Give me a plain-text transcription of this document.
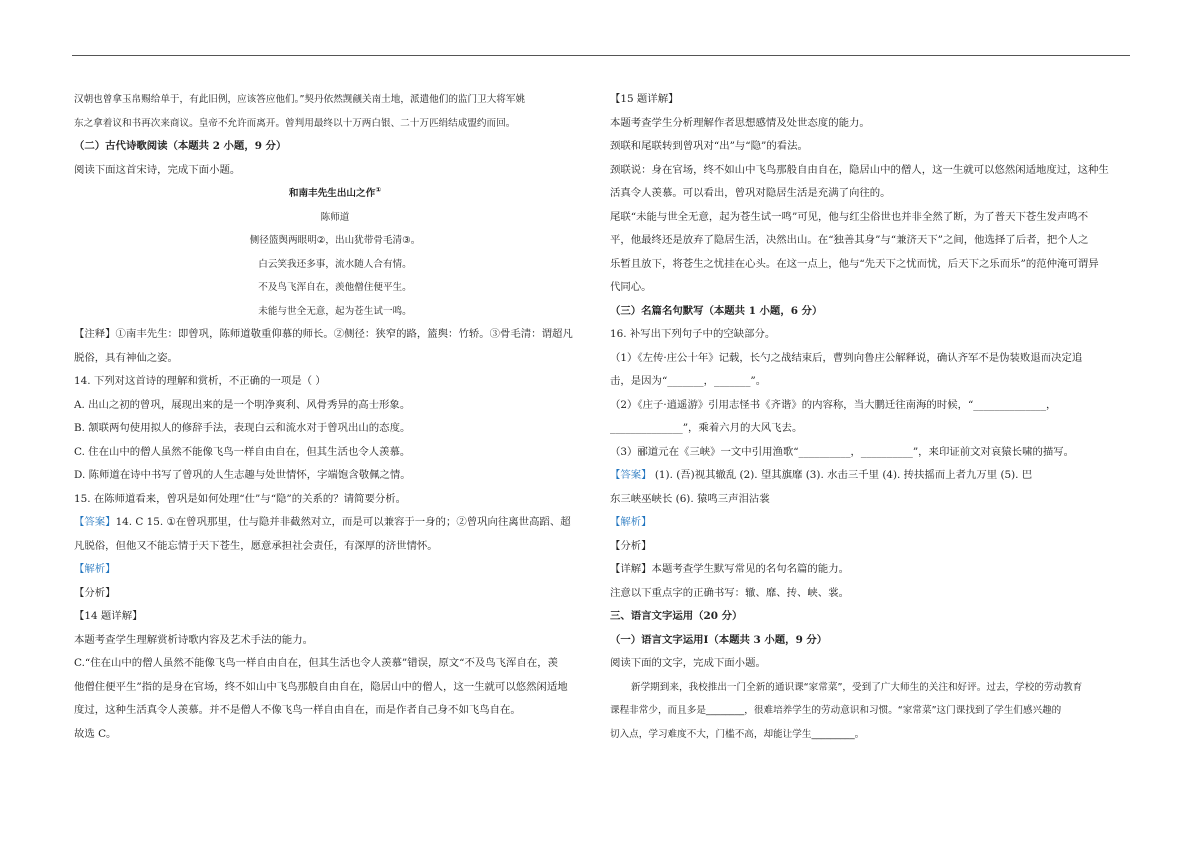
汉朝也曾拿玉帛赐给单于，有此旧例，应该答应他们。”契丹依然觊觎关南土地，派遣他们的监门卫大将军姚

东之拿着议和书再次来商议。皇帝不允许而离开。曾判用最终以十万两白银、二十万匹绢结成盟约而回。

（二）古代诗歌阅读（本题共 2 小题，9 分）

阅读下面这首宋诗，完成下面小题。

和南丰先生出山之作①

陈师道

侧径篮舆两眼明②，出山犹带骨毛清③。

白云笑我还多事，流水随人合有情。

不及鸟飞浑自在，羡他僧住便平生。

未能与世全无意，起为苍生试一鸣。

【注释】①南丰先生：即曾巩，陈师道敬重仰慕的师长。②侧径：狭窄的路，篮舆：竹轿。③骨毛清：谓超凡

脱俗，具有神仙之姿。

14. 下列对这首诗的理解和赏析，不正确的一项是（ ）

A. 出山之初的曾巩，展现出来的是一个明净爽利、风骨秀异的高士形象。

B. 颔联两句使用拟人的修辞手法，表现白云和流水对于曾巩出山的态度。

C. 住在山中的僧人虽然不能像飞鸟一样自由自在，但其生活也令人羡慕。

D. 陈师道在诗中书写了曾巩的人生志趣与处世情怀，字端饱含敬佩之情。

15. 在陈师道看来，曾巩是如何处理“仕”与“隐”的关系的？请简要分析。

【答案】14. C 15. ①在曾巩那里，仕与隐并非截然对立，而是可以兼容于一身的；②曾巩向往离世高蹈、超

凡脱俗，但他又不能忘情于天下苍生，愿意承担社会责任，有深厚的济世情怀。

【解析】

【分析】

【14 题详解】

本题考查学生理解赏析诗歌内容及艺术手法的能力。

C.“住在山中的僧人虽然不能像飞鸟一样自由自在，但其生活也令人羡慕”错误，原文“不及鸟飞浑自在，羡

他僧住便平生”指的是身在官场，终不如山中飞鸟那般自由自在，隐居山中的僧人，这一生就可以悠然闲适地

度过，这种生活真令人羡慕。并不是僧人不像飞鸟一样自由自在，而是作者自己身不如飞鸟自在。

故选 C。

【15 题详解】

本题考查学生分析理解作者思想感情及处世态度的能力。

颈联和尾联转到曾巩对“出”与“隐”的看法。

颈联说：身在官场，终不如山中飞鸟那般自由自在，隐居山中的僧人，这一生就可以悠然闲适地度过，这种生

活真令人羡慕。可以看出，曾巩对隐居生活是充满了向往的。

尾联“未能与世全无意，起为苍生试一鸣”可见，他与红尘俗世也并非全然了断，为了普天下苍生发声鸣不

平，他最终还是放弃了隐居生活，决然出山。在“独善其身”与“兼济天下”之间，他选择了后者，把个人之

乐暂且放下，将苍生之忧挂在心头。在这一点上，他与“先天下之忧而忧，后天下之乐而乐”的范仲淹可谓异

代同心。

（三）名篇名句默写（本题共 1 小题，6 分）

16. 补写出下列句子中的空缺部分。

（1）《左传·庄公十年》记载，长勺之战结束后，曹刿向鲁庄公解释说，确认齐军不是伪装败退而决定追

击，是因为“_______，_______”。

（2）《庄子·逍遥游》引用志怪书《齐谐》的内容称，当大鹏迁往南海的时候，“______________，

______________”，乘着六月的大风飞去。

（3）郦道元在《三峡》一文中引用渔歌“__________，__________”，来印证前文对哀猿长啸的描写。

【答案】 (1). (吾)视其辙乱 (2). 望其旗靡 (3). 水击三千里 (4). 抟扶摇而上者九万里 (5). 巴

东三峡巫峡长 (6). 猿鸣三声泪沾裳

【解析】

【分析】

【详解】本题考查学生默写常见的名句名篇的能力。

注意以下重点字的正确书写：辙、靡、抟、峡、裳。

三、语言文字运用（20 分）

（一）语言文字运用Ⅰ（本题共 3 小题，9 分）

阅读下面的文字，完成下面小题。

新学期到来，我校推出一门全新的通识课“家常菜”，受到了广大师生的关注和好评。过去，学校的劳动教育

课程非常少，而且多是________，很难培养学生的劳动意识和习惯。“家常菜”这门课找到了学生们感兴趣的

切入点，学习难度不大，门槛不高，却能让学生_________。
